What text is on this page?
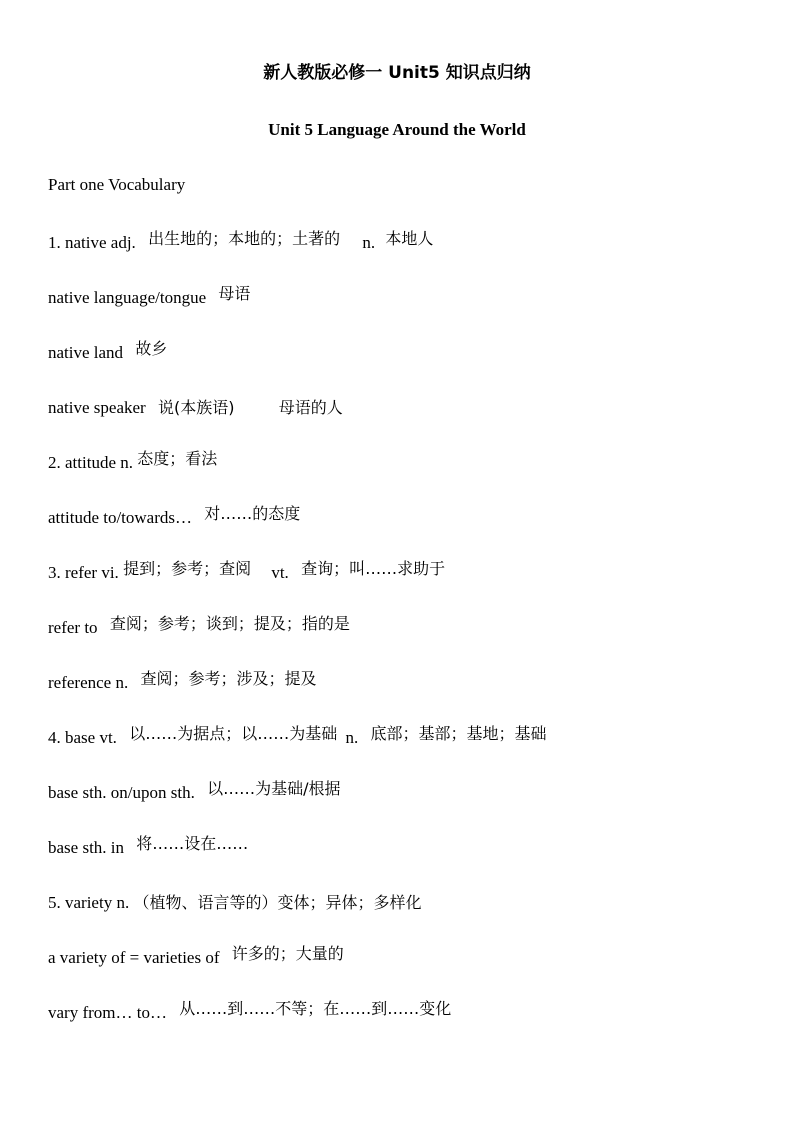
新人教版必修一 Unit5 知识点归纳
Unit 5 Language Around the World
Part one Vocabulary
1. native adj. 出生地的；本地的；土著的 n. 本地人
native language/tongue 母语
native land 故乡
native speaker 说(本族语)	母语的人
2. attitude n. 态度；看法
attitude to/towards… 对……的态度
3. refer vi. 提到；参考；查阅 vt. 查询；叫……求助于
refer to 查阅；参考；谈到；提及；指的是
reference n. 查阅；参考；涉及；提及
4. base vt. 以……为据点；以……为基础 n. 底部；基部；基地；基础
base sth. on/upon sth. 以……为基础/根据
base sth. in 将……设在……
5. variety n. （植物、语言等的）变体；异体；多样化
a variety of = varieties of 许多的；大量的
vary from… to… 从……到……不等；在……到……变化
